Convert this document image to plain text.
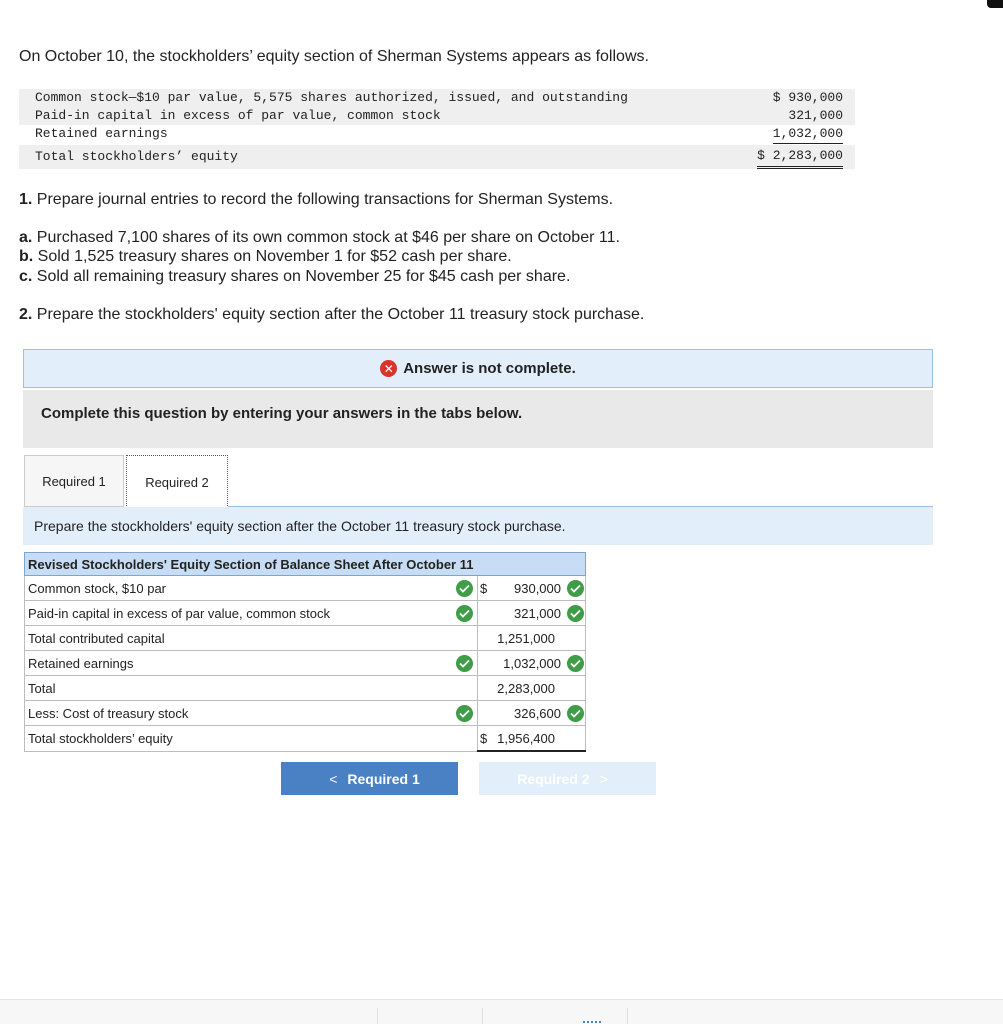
On October 10, the stockholders’ equity section of Sherman Systems appears as follows.
Common stock—$10 par value, 5,575 shares authorized, issued, and outstanding	$ 930,000
Paid-in capital in excess of par value, common stock	321,000
Retained earnings	1,032,000
Total stockholders’ equity	$ 2,283,000
1. Prepare journal entries to record the following transactions for Sherman Systems.
a. Purchased 7,100 shares of its own common stock at $46 per share on October 11.
b. Sold 1,525 treasury shares on November 1 for $52 cash per share.
c. Sold all remaining treasury shares on November 25 for $45 cash per share.
2. Prepare the stockholders' equity section after the October 11 treasury stock purchase.
✕ Answer is not complete.
Complete this question by entering your answers in the tabs below.
Required 1	Required 2
Prepare the stockholders' equity section after the October 11 treasury stock purchase.
Revised Stockholders' Equity Section of Balance Sheet After October 11		
Common stock, $10 par		$ 930,000

Paid-in capital in excess of par value, common stock		321,000

Total contributed capital		1,251,000

Retained earnings		1,032,000

Total		2,283,000

Less: Cost of treasury stock		326,600

Total stockholders’ equity		$ 1,956,400
< Required 1	Required 2 >
